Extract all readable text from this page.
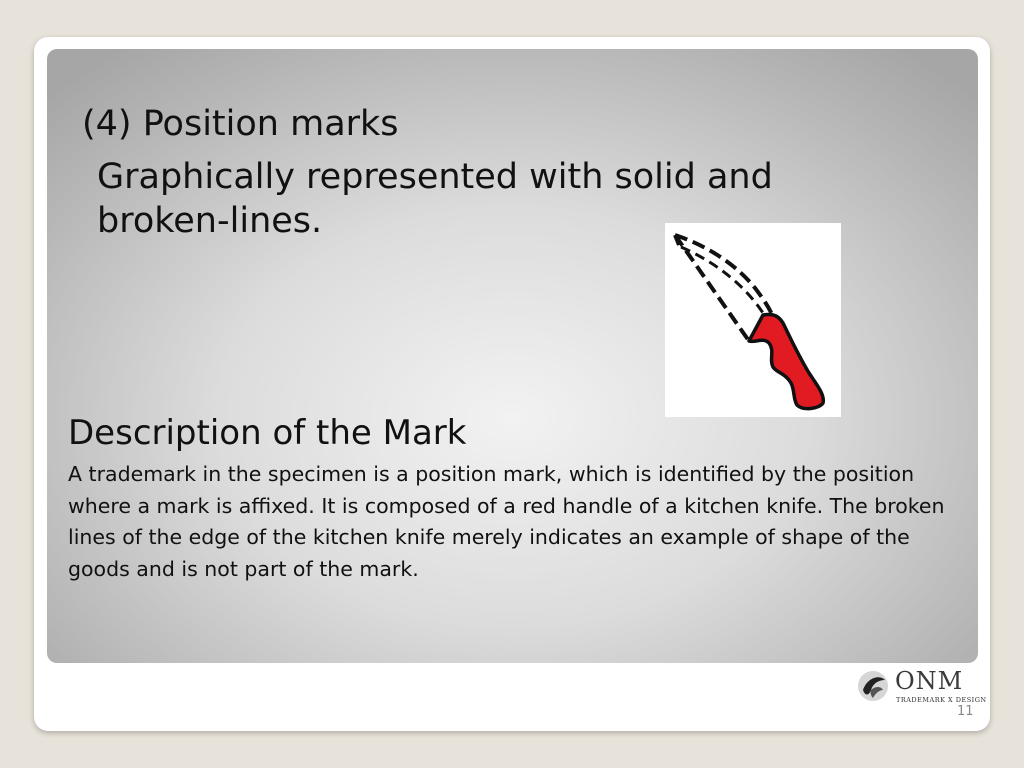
(4) Position marks
Graphically represented with solid and broken-lines.
Description of the Mark
A trademark in the specimen is a position mark, which is identified by the position where a mark is affixed. It is composed of a red handle of a kitchen knife. The broken lines of the edge of the kitchen knife merely indicates an example of shape of the goods and is not part of the mark.
ONM
TRADEMARK X DESIGN
11
